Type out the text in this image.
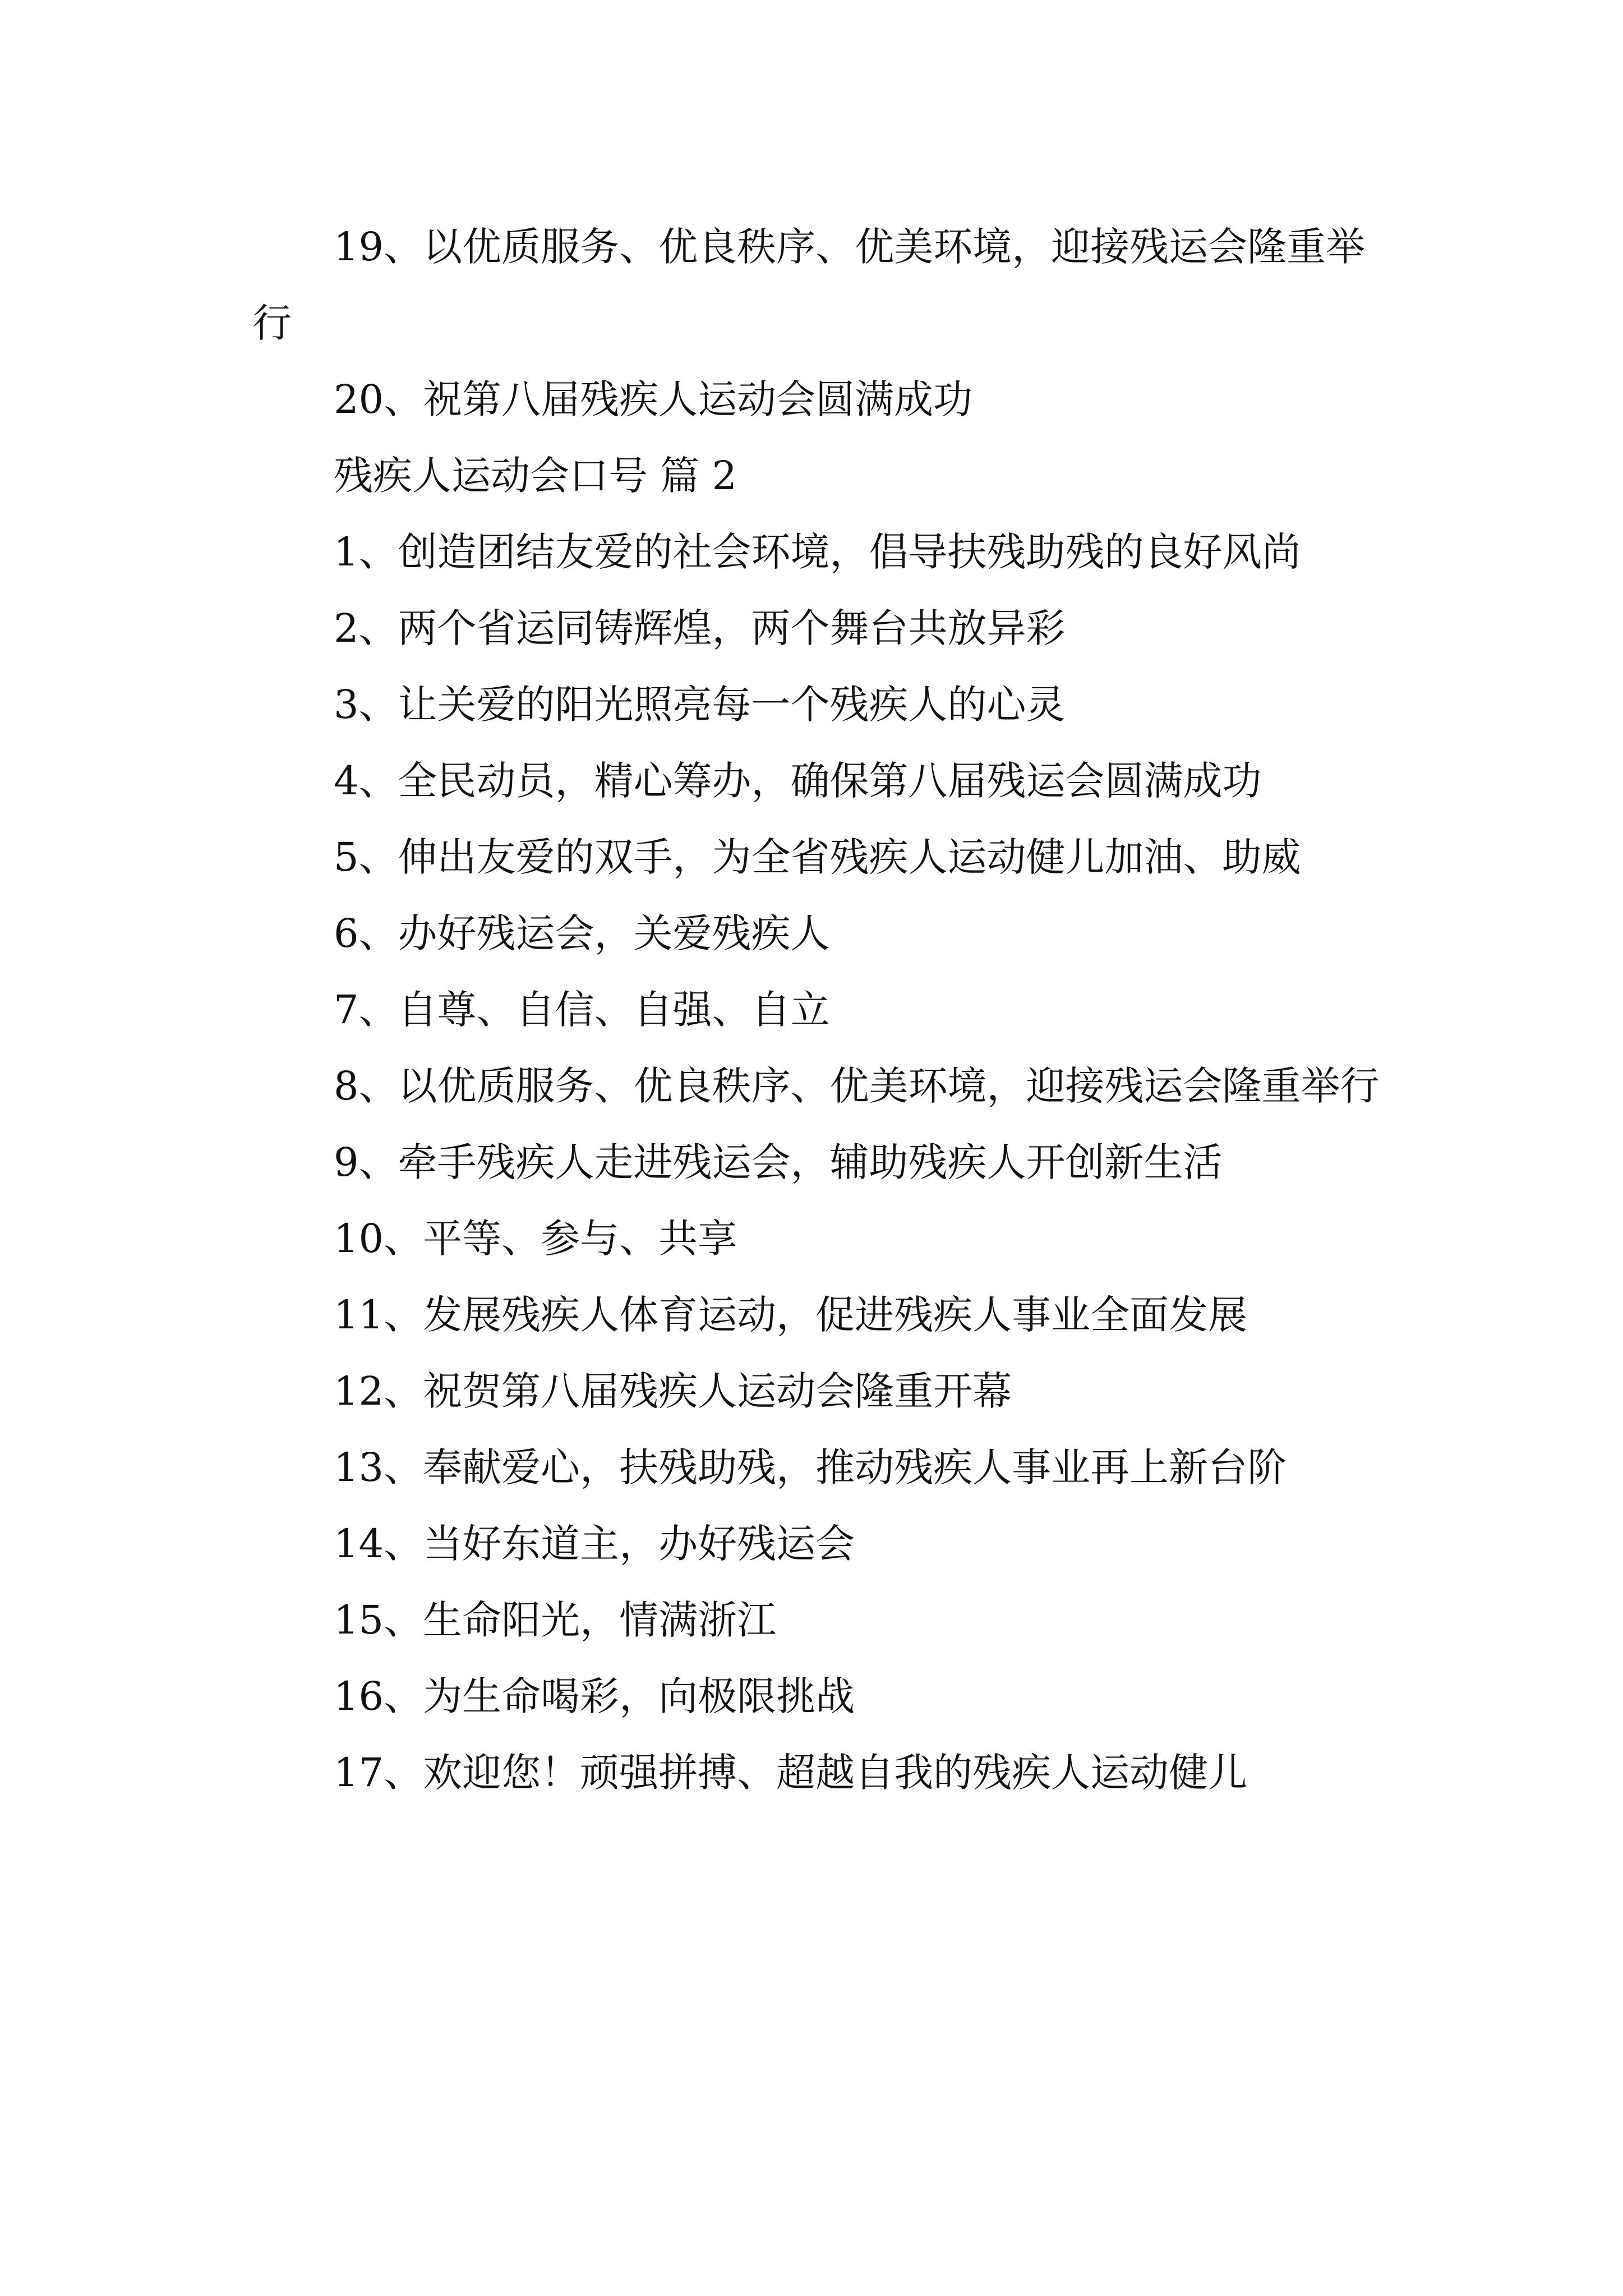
19、以优质服务、优良秩序、优美环境，迎接残运会隆重举行

20、祝第八届残疾人运动会圆满成功

残疾人运动会口号 篇 2

1、创造团结友爱的社会环境，倡导扶残助残的良好风尚

2、两个省运同铸辉煌，两个舞台共放异彩

3、让关爱的阳光照亮每一个残疾人的心灵

4、全民动员，精心筹办，确保第八届残运会圆满成功

5、伸出友爱的双手，为全省残疾人运动健儿加油、助威

6、办好残运会，关爱残疾人

7、自尊、自信、自强、自立

8、以优质服务、优良秩序、优美环境，迎接残运会隆重举行

9、牵手残疾人走进残运会，辅助残疾人开创新生活

10、平等、参与、共享

11、发展残疾人体育运动，促进残疾人事业全面发展

12、祝贺第八届残疾人运动会隆重开幕

13、奉献爱心，扶残助残，推动残疾人事业再上新台阶

14、当好东道主，办好残运会

15、生命阳光，情满浙江

16、为生命喝彩，向极限挑战

17、欢迎您！顽强拼搏、超越自我的残疾人运动健儿
